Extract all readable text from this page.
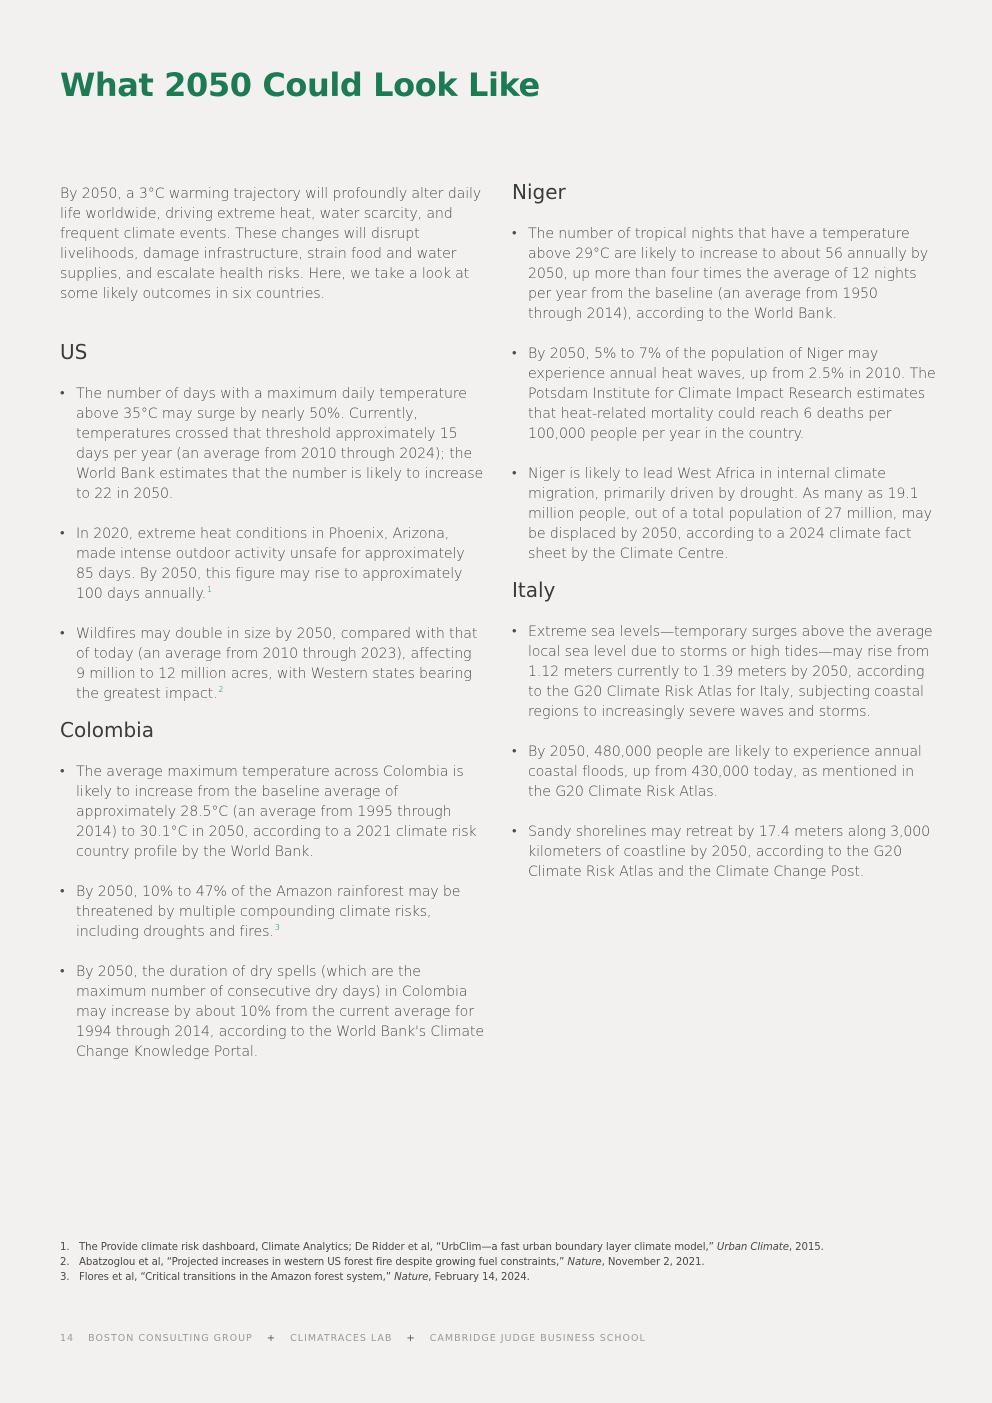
What 2050 Could Look Like

By 2050, a 3°C warming trajectory will profoundly alter daily life worldwide, driving extreme heat, water scarcity, and frequent climate events. These changes will disrupt livelihoods, damage infrastructure, strain food and water supplies, and escalate health risks. Here, we take a look at some likely outcomes in six countries.

US
• The number of days with a maximum daily temperature above 35°C may surge by nearly 50%. Currently, temperatures crossed that threshold approximately 15 days per year (an average from 2010 through 2024); the World Bank estimates that the number is likely to increase to 22 in 2050.
• In 2020, extreme heat conditions in Phoenix, Arizona, made intense outdoor activity unsafe for approximately 85 days. By 2050, this figure may rise to approximately 100 days annually.$^1$
• Wildfires may double in size by 2050, compared with that of today (an average from 2010 through 2023), affecting 9 million to 12 million acres, with Western states bearing the greatest impact.$^2$
Colombia
• The average maximum temperature across Colombia is likely to increase from the baseline average of approximately 28.5°C (an average from 1995 through 2014) to 30.1°C in 2050, according to a 2021 climate risk country profile by the World Bank.
• By 2050, 10% to 47% of the Amazon rainforest may be threatened by multiple compounding climate risks, including droughts and fires.$^3$
• By 2050, the duration of dry spells (which are the maximum number of consecutive dry days) in Colombia may increase by about 10% from the current average for 1994 through 2014, according to the World Bank's Climate Change Knowledge Portal.
Niger
• The number of tropical nights that have a temperature above 29°C are likely to increase to about 56 annually by 2050, up more than four times the average of 12 nights per year from the baseline (an average from 1950 through 2014), according to the World Bank.
• By 2050, 5% to 7% of the population of Niger may experience annual heat waves, up from 2.5% in 2010. The Potsdam Institute for Climate Impact Research estimates that heat-related mortality could reach 6 deaths per 100,000 people per year in the country.
• Niger is likely to lead West Africa in internal climate migration, primarily driven by drought. As many as 19.1 million people, out of a total population of 27 million, may be displaced by 2050, according to a 2024 climate fact sheet by the Climate Centre.
Italy
• Extreme sea levels—temporary surges above the average local sea level due to storms or high tides—may rise from 1.12 meters currently to 1.39 meters by 2050, according to the G20 Climate Risk Atlas for Italy, subjecting coastal regions to increasingly severe waves and storms.
• By 2050, 480,000 people are likely to experience annual coastal floods, up from 430,000 today, as mentioned in the G20 Climate Risk Atlas.
• Sandy shorelines may retreat by 17.4 meters along 3,000 kilometers of coastline by 2050, according to the G20 Climate Risk Atlas and the Climate Change Post.
1. The Provide climate risk dashboard, Climate Analytics; De Ridder et al, “UrbClim—a fast urban boundary layer climate model,” Urban Climate, 2015.
2. Abatzoglou et al, “Projected increases in western US forest fire despite growing fuel constraints,” Nature, November 2, 2021.
3. Flores et al, “Critical transitions in the Amazon forest system,” Nature, February 14, 2024.
14 BOSTON CONSULTING GROUP + CLIMATRACES LAB + CAMBRIDGE JUDGE BUSINESS SCHOOL
